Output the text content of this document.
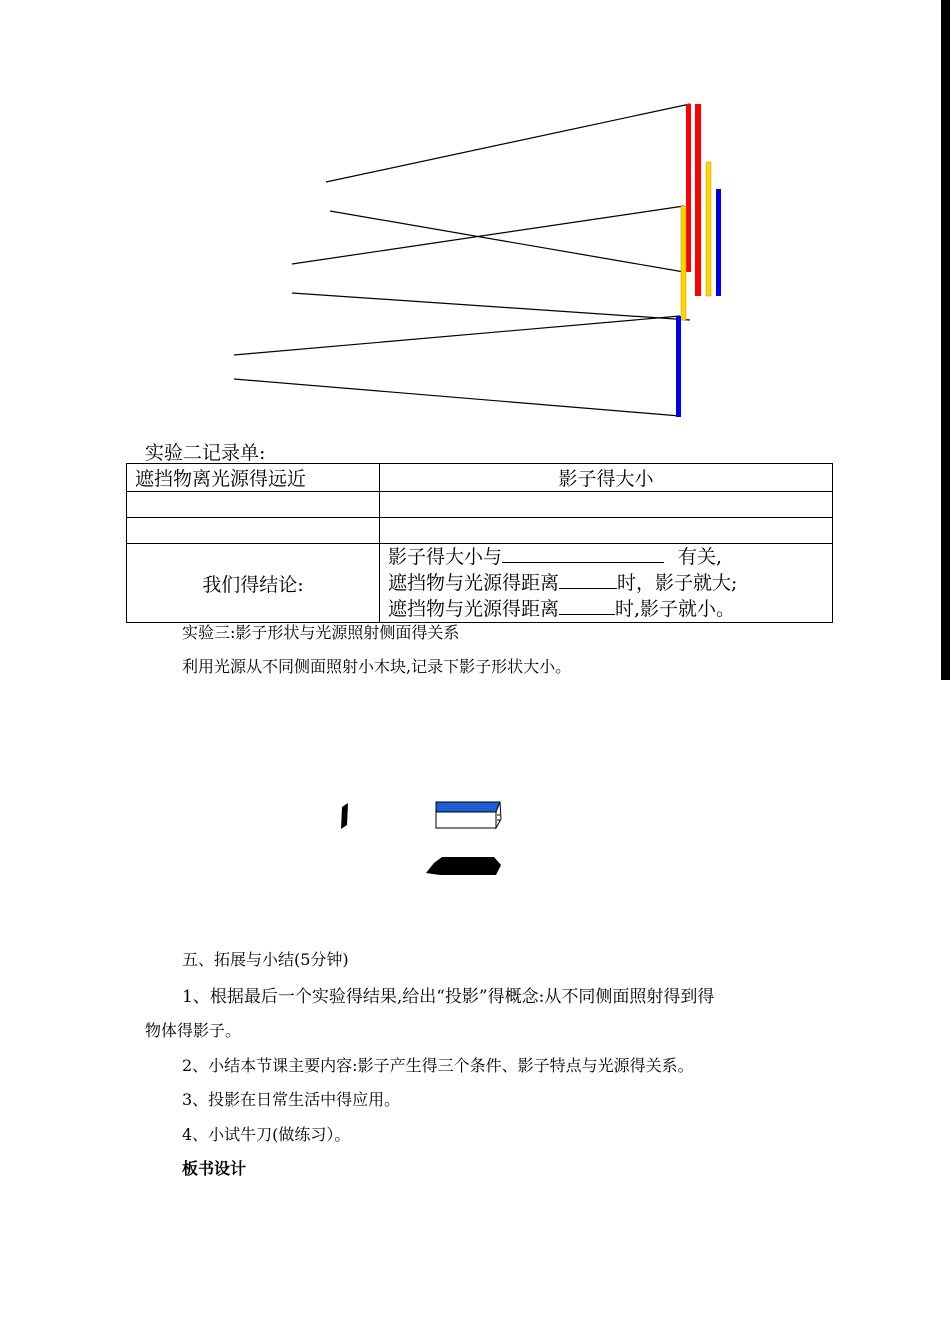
实验二记录单:
遮挡物离光源得远近	影子得大小

我们得结论:	影子得大小与 有关,
遮挡物与光源得距离 时，影子就大;
遮挡物与光源得距离 时,影子就小。
实验三:影子形状与光源照射侧面得关系
利用光源从不同侧面照射小木块,记录下影子形状大小。
五、拓展与小结(5分钟)
1、根据最后一个实验得结果,给出“投影”得概念:从不同侧面照射得到得
物体得影子。
2、小结本节课主要内容:影子产生得三个条件、影子特点与光源得关系。
3、投影在日常生活中得应用。
4、小试牛刀(做练习）。
板书设计
